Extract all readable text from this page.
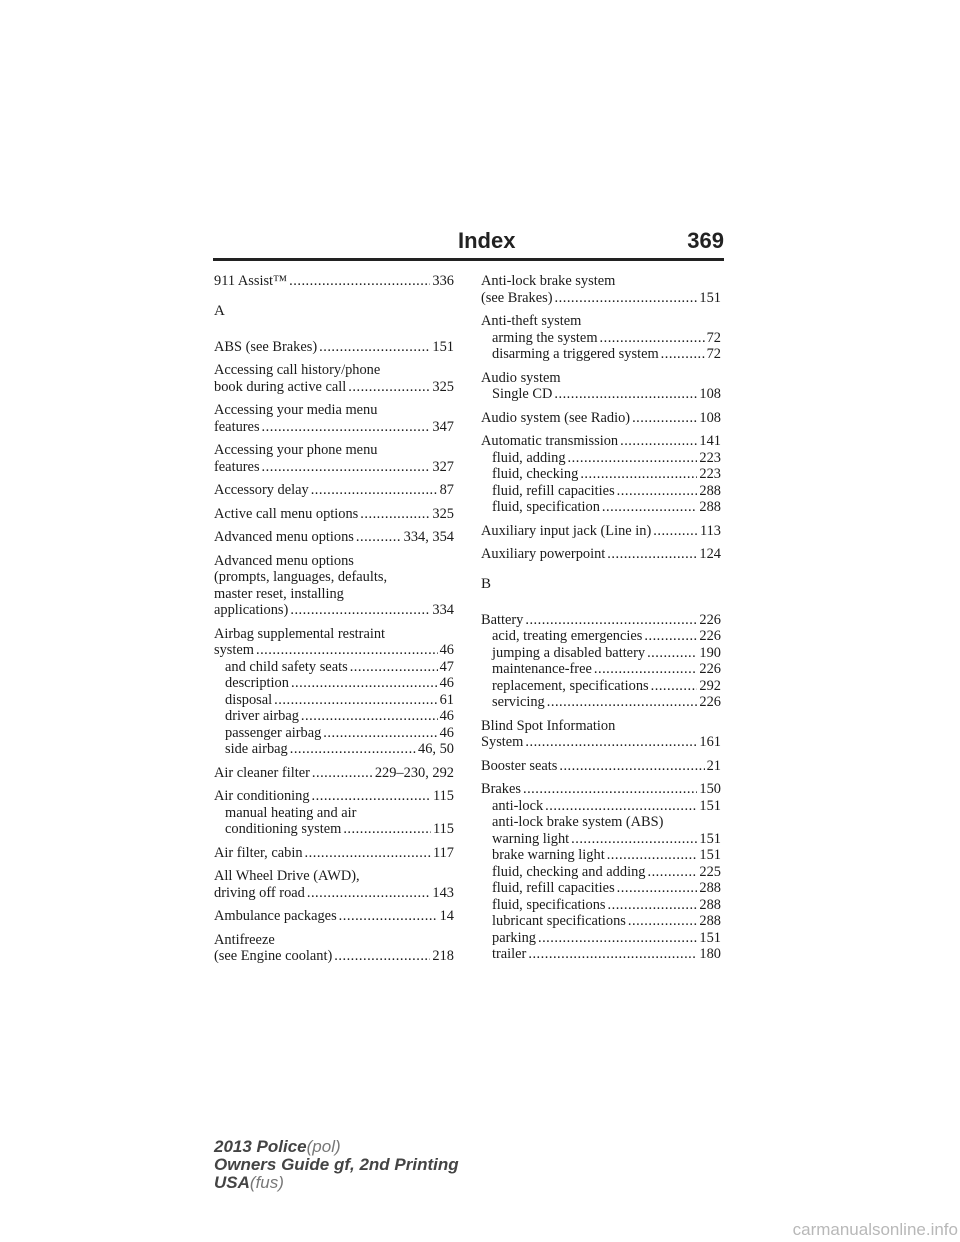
Index	369
911 Assist™ .....	336
A
ABS (see Brakes) .....	151
Accessing call history/phone
book during active call .....	325
Accessing your media menu
features .....	347
Accessing your phone menu
features .....	327
Accessory delay .....	87
Active call menu options .....	325
Advanced menu options .....	334, 354
Advanced menu options
(prompts, languages, defaults,
master reset, installing
applications) .....	334
Airbag supplemental restraint
system .....	46
and child safety seats .....	47
description .....	46
disposal .....	61
driver airbag .....	46
passenger airbag .....	46
side airbag .....	46, 50
Air cleaner filter .....	229–230, 292
Air conditioning .....	115
manual heating and air
conditioning system .....	115
Air filter, cabin .....	117
All Wheel Drive (AWD),
driving off road .....	143
Ambulance packages .....	14
Antifreeze
(see Engine coolant) .....	218
Anti-lock brake system
(see Brakes) .....	151
Anti-theft system
arming the system .....	72
disarming a triggered system .....	72
Audio system
Single CD .....	108
Audio system (see Radio) .....	108
Automatic transmission .....	141
fluid, adding .....	223
fluid, checking .....	223
fluid, refill capacities .....	288
fluid, specification .....	288
Auxiliary input jack (Line in) .....	113
Auxiliary powerpoint .....	124
B
Battery .....	226
acid, treating emergencies .....	226
jumping a disabled battery .....	190
maintenance-free .....	226
replacement, specifications .....	292
servicing .....	226
Blind Spot Information
System .....	161
Booster seats .....	21
Brakes .....	150
anti-lock .....	151
anti-lock brake system (ABS)
warning light .....	151
brake warning light .....	151
fluid, checking and adding .....	225
fluid, refill capacities .....	288
fluid, specifications .....	288
lubricant specifications .....	288
parking .....	151
trailer .....	180
2013 Police(pol)
Owners Guide gf, 2nd Printing
USA(fus)
carmanualsonline.info
